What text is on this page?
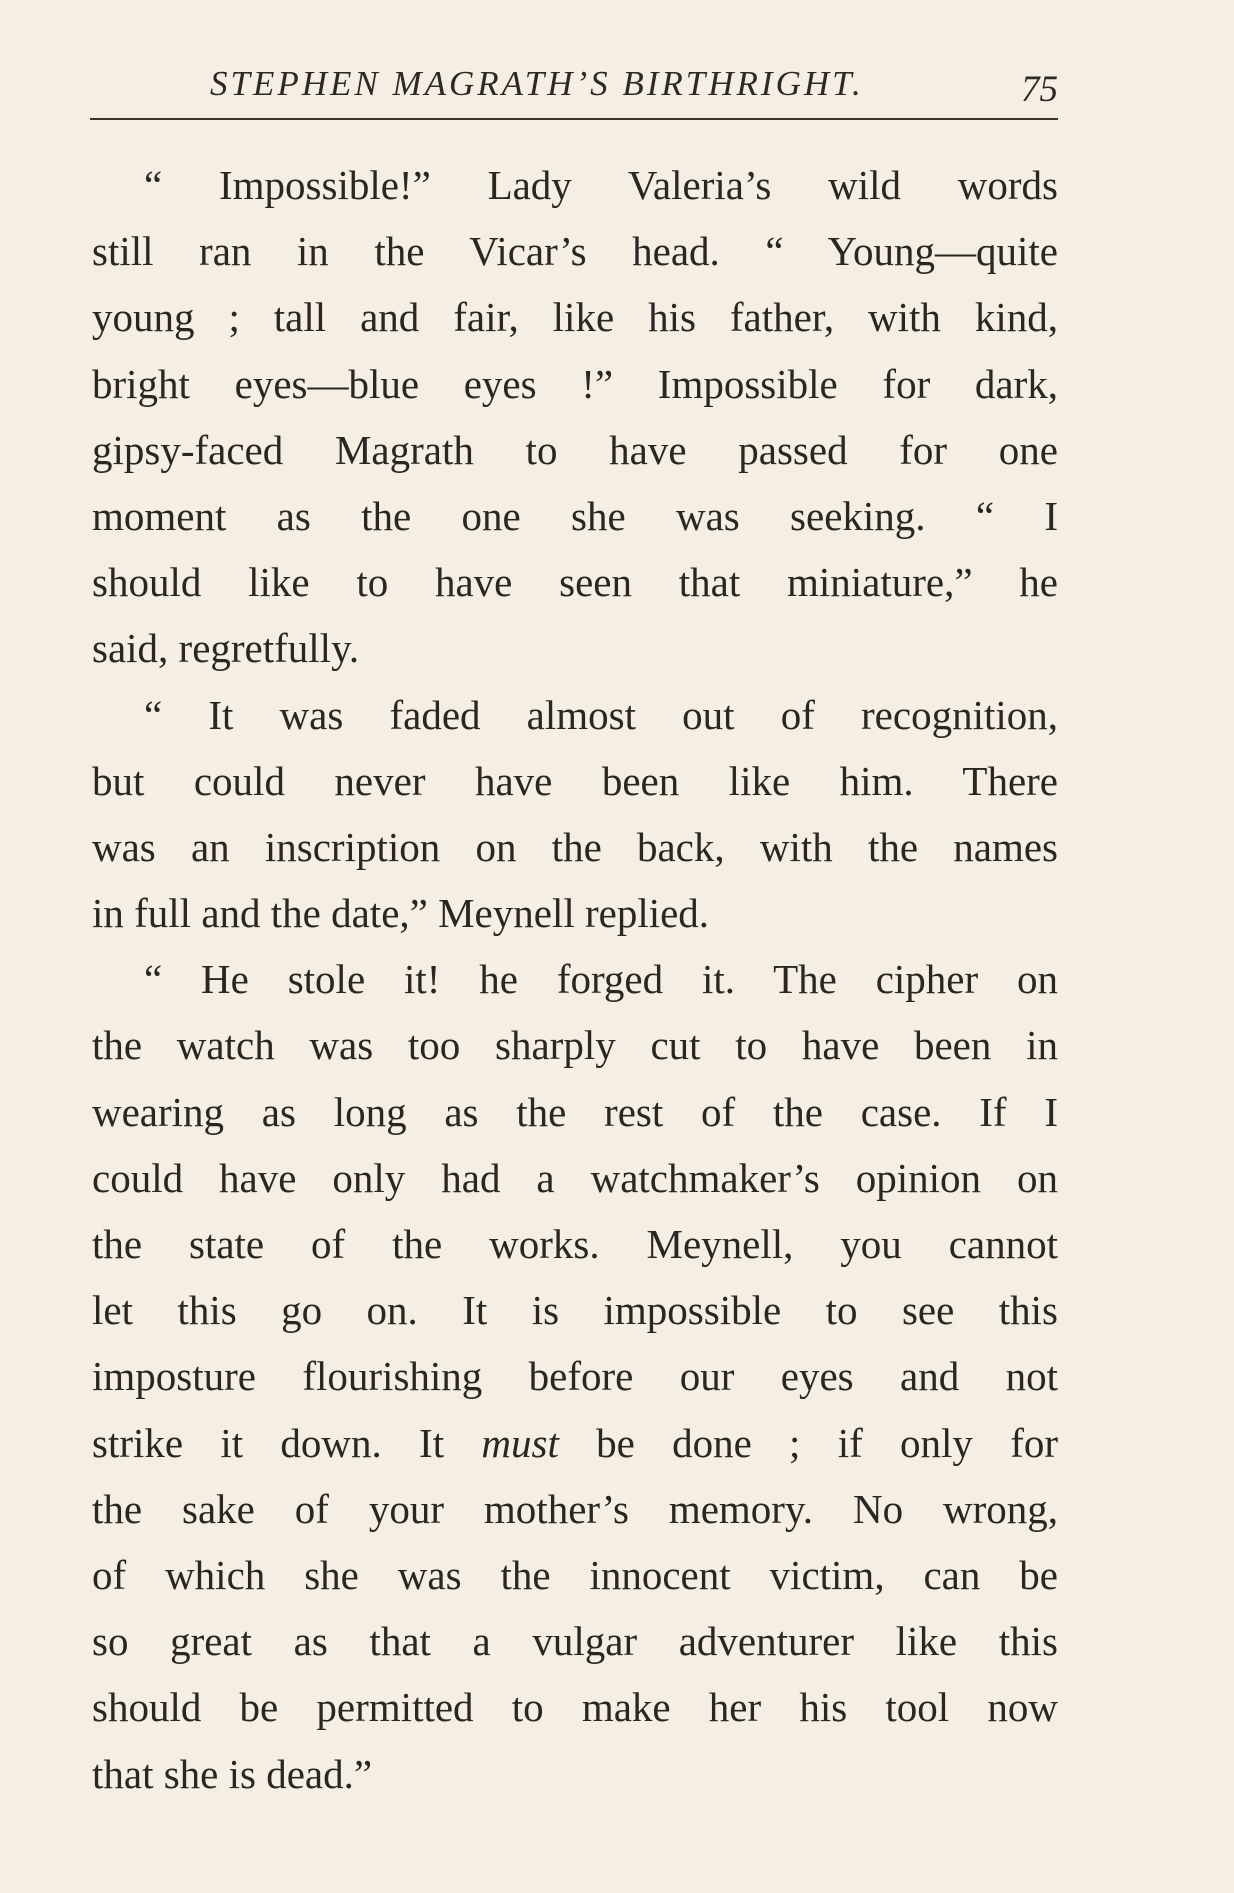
STEPHEN MAGRATH’S BIRTHRIGHT.	75
“ Impossible!” Lady Valeria’s wild words
still ran in the Vicar’s head. “ Young—quite
young ; tall and fair, like his father, with kind,
bright eyes—blue eyes !” Impossible for dark,
gipsy-faced Magrath to have passed for one
moment as the one she was seeking. “ I
should like to have seen that miniature,” he
said, regretfully.
“ It was faded almost out of recognition,
but could never have been like him. There
was an inscription on the back, with the names
in full and the date,” Meynell replied.
“ He stole it! he forged it. The cipher on
the watch was too sharply cut to have been in
wearing as long as the rest of the case. If I
could have only had a watchmaker’s opinion on
the state of the works. Meynell, you cannot
let this go on. It is impossible to see this
imposture flourishing before our eyes and not
strike it down. It must be done ; if only for
the sake of your mother’s memory. No wrong,
of which she was the innocent victim, can be
so great as that a vulgar adventurer like this
should be permitted to make her his tool now
that she is dead.”
